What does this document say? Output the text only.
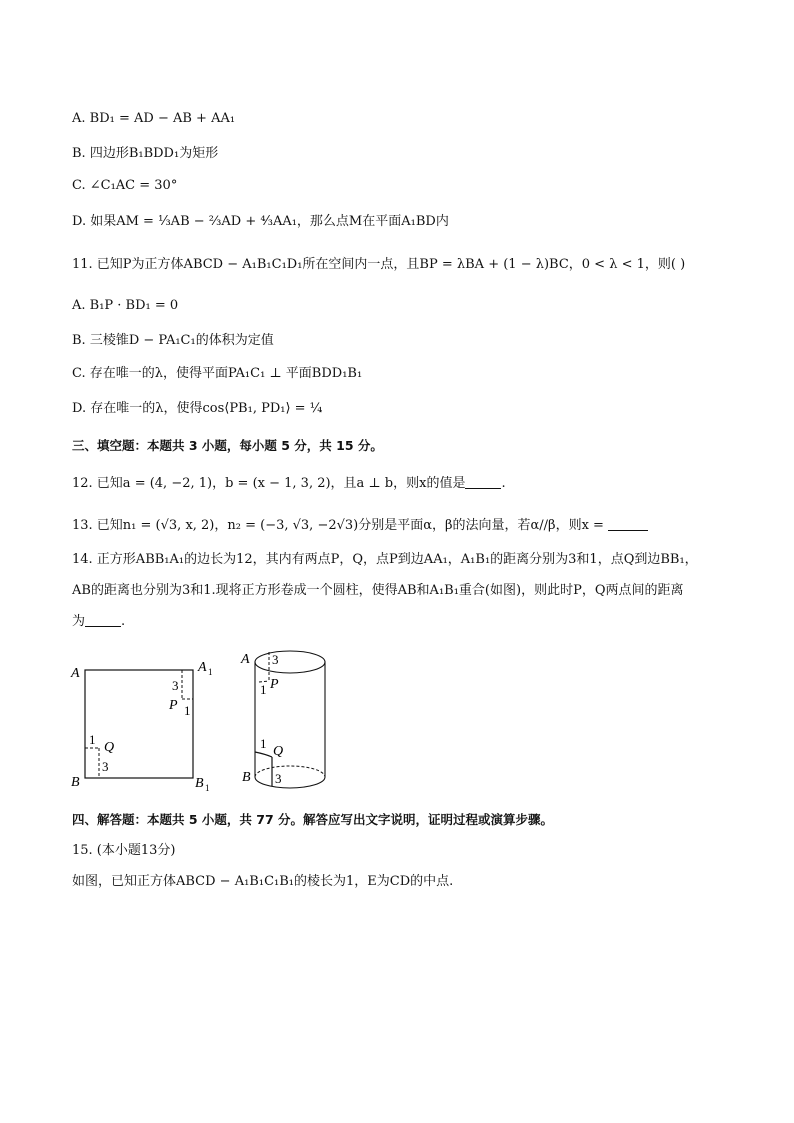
A. BD₁ = AD − AB + AA₁
B. 四边形B₁BDD₁为矩形
C. ∠C₁AC = 30°
D. 如果AM = ⅓AB − ⅔AD + ⁴⁄₃AA₁，那么点M在平面A₁BD内
11. 已知P为正方体ABCD − A₁B₁C₁D₁所在空间内一点，且BP = λBA + (1 − λ)BC，0 < λ < 1，则( )
A. B₁P · BD₁ = 0
B. 三棱锥D − PA₁C₁的体积为定值
C. 存在唯一的λ，使得平面PA₁C₁ ⊥ 平面BDD₁B₁
D. 存在唯一的λ，使得cos⟨PB₁, PD₁⟩ = ¼
三、填空题：本题共 3 小题，每小题 5 分，共 15 分。
12. 已知a = (4, −2, 1)，b = (x − 1, 3, 2)，且a ⊥ b，则x的值是	.
13. 已知n₁ = (√3, x, 2)，n₂ = (−3, √3, −2√3)分别是平面α，β的法向量，若α//β，则x =
14. 正方形ABB₁A₁的边长为12，其内有两点P，Q，点P到边AA₁，A₁B₁的距离分别为3和1，点Q到边BB₁，
AB的距离也分别为3和1.现将正方形卷成一个圆柱，使得AB和A₁B₁重合(如图)，则此时P，Q两点间的距离
为	.
A	A 1
B	B 1
3
1
P
1
3
Q
A
B
3
1 P
1
3
Q
四、解答题：本题共 5 小题，共 77 分。解答应写出文字说明，证明过程或演算步骤。
15. (本小题13分)
如图，已知正方体ABCD − A₁B₁C₁B₁的棱长为1，E为CD的中点.
